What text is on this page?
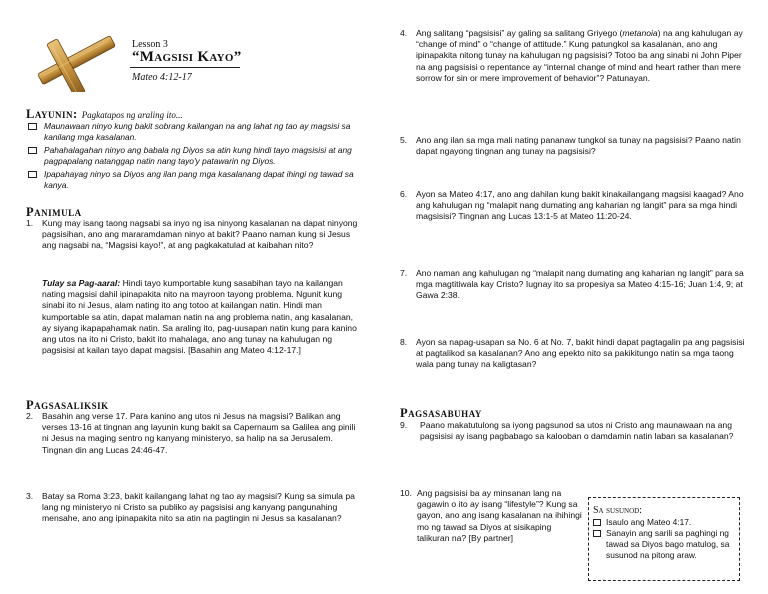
Lesson 3
“Magsisi Kayo”
Mateo 4:12-17
Layunin: Pagkatapos ng araling ito...
Maunawaan ninyo kung bakit sobrang kailangan na ang lahat ng tao ay magsisi sa kanilang mga kasalanan.
Pahahalagahan ninyo ang babala ng Diyos sa atin kung hindi tayo magsisisi at ang pagpapalang natanggap natin nang tayo'y patawarin ng Diyos.
Ipapahayag ninyo sa Diyos ang ilan pang mga kasalanang dapat ihingi ng tawad sa kanya.
Panimula
1.	Kung may isang taong nagsabi sa inyo ng isa ninyong kasalanan na dapat ninyong pagsisihan, ano ang mararamdaman ninyo at bakit? Paano naman kung si Jesus ang nagsabi na, “Magsisi kayo!”, at ang pagkakatulad at kaibahan nito?
Tulay sa Pag-aaral: Hindi tayo kumportable kung sasabihan tayo na kailangan nating magsisi dahil ipinapakita nito na mayroon tayong problema. Ngunit kung sinabi ito ni Jesus, alam nating ito ang totoo at kailangan natin. Hindi man kumportable sa atin, dapat malaman natin na ang problema natin, ang kasalanan, ay siyang ikapapahamak natin. Sa araling ito, pag-uusapan natin kung para kanino ang utos na ito ni Cristo, bakit ito mahalaga, ano ang tunay na kahulugan ng pagsisisi at kailan tayo dapat magsisi. [Basahin ang Mateo 4:12-17.]
Pagsasaliksik
2.	Basahin ang verse 17. Para kanino ang utos ni Jesus na magsisi? Balikan ang verses 13-16 at tingnan ang layunin kung bakit sa Capernaum sa Galilea ang pinili ni Jesus na maging sentro ng kanyang ministeryo, sa halip na sa Jerusalem. Tingnan din ang Lucas 24:46-47.
3.	Batay sa Roma 3:23, bakit kailangang lahat ng tao ay magsisi? Kung sa simula pa lang ng ministeryo ni Cristo sa publiko ay pagsisisi ang kanyang pangunahing mensahe, ano ang ipinapakita nito sa atin na pagtingin ni Jesus sa kasalanan?
4.	Ang salitang “pagsisisi” ay galing sa salitang Griyego (metanoia) na ang kahulugan ay “change of mind” o “change of attitude.” Kung patungkol sa kasalanan, ano ang ipinapakita nitong tunay na kahulugan ng pagsisisi? Totoo ba ang sinabi ni John Piper na ang pagsisisi o repentance ay “internal change of mind and heart rather than mere sorrow for sin or mere improvement of behavior”? Patunayan.
5.	Ano ang ilan sa mga mali nating pananaw tungkol sa tunay na pagsisisi? Paano natin dapat ngayong tingnan ang tunay na pagsisisi?
6.	Ayon sa Mateo 4:17, ano ang dahilan kung bakit kinakailangang magsisi kaagad? Ano ang kahulugan ng “malapit nang dumating ang kaharian ng langit” para sa mga hindi magsisisi? Tingnan ang Lucas 13:1-5 at Mateo 11:20-24.
7.	Ano naman ang kahulugan ng “malapit nang dumating ang kaharian ng langit” para sa mga magtitiwala kay Cristo? Iugnay ito sa propesiya sa Mateo 4:15-16; Juan 1:4, 9; at Gawa 2:38.
8.	Ayon sa napag-usapan sa No. 6 at No. 7, bakit hindi dapat pagtagalin pa ang pagsisisi at pagtalikod sa kasalanan? Ano ang epekto nito sa pakikitungo natin sa mga taong wala pang tunay na kaligtasan?
Pagsasabuhay
9.	Paano makatutulong sa iyong pagsunod sa utos ni Cristo ang maunawaan na ang pagsisisi ay isang pagbabago sa kalooban o damdamin natin laban sa kasalanan?
10. Ang pagsisisi ba ay minsanan lang na gagawin o ito ay isang “lifestyle”? Kung sa gayon, ano ang isang kasalanan na ihihingi mo ng tawad sa Diyos at sisikaping talikuran na? [By partner]
Sa susunod:
Isaulo ang Mateo 4:17.
Sanayin ang sarili sa paghingi ng tawad sa Diyos bago matulog, sa susunod na pitong araw.
